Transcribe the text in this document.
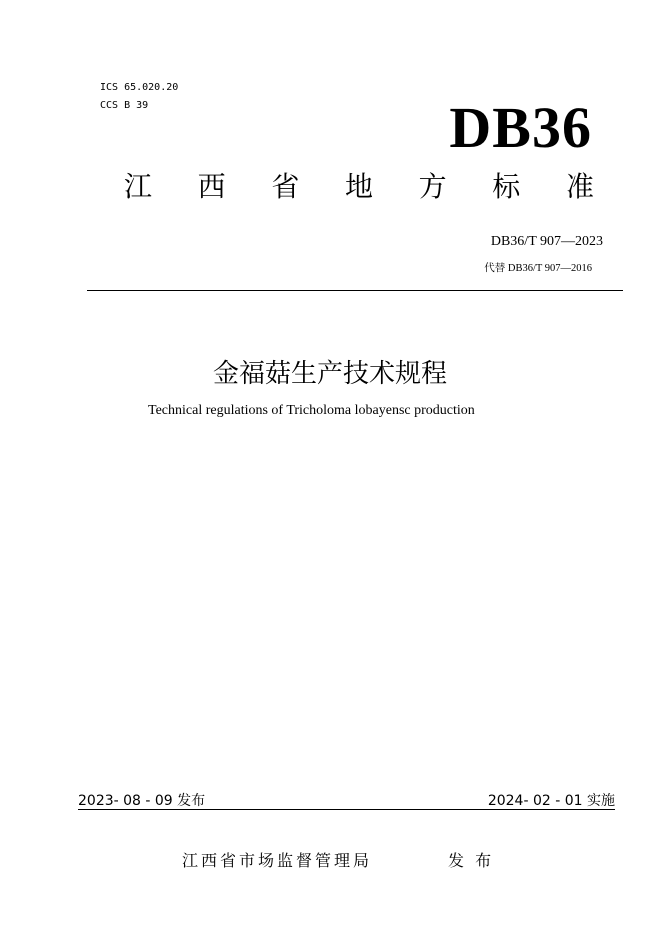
ICS 65.020.20
CCS B 39	DB36
江 西 省 地 方 标 准
DB36/T 907—2023
代替 DB36/T 907—2016
金福菇生产技术规程
Technical regulations of Tricholoma lobayensc production
2023- 08 - 09 发布	2024- 02 - 01 实施
江西省市场监督管理局	发 布
